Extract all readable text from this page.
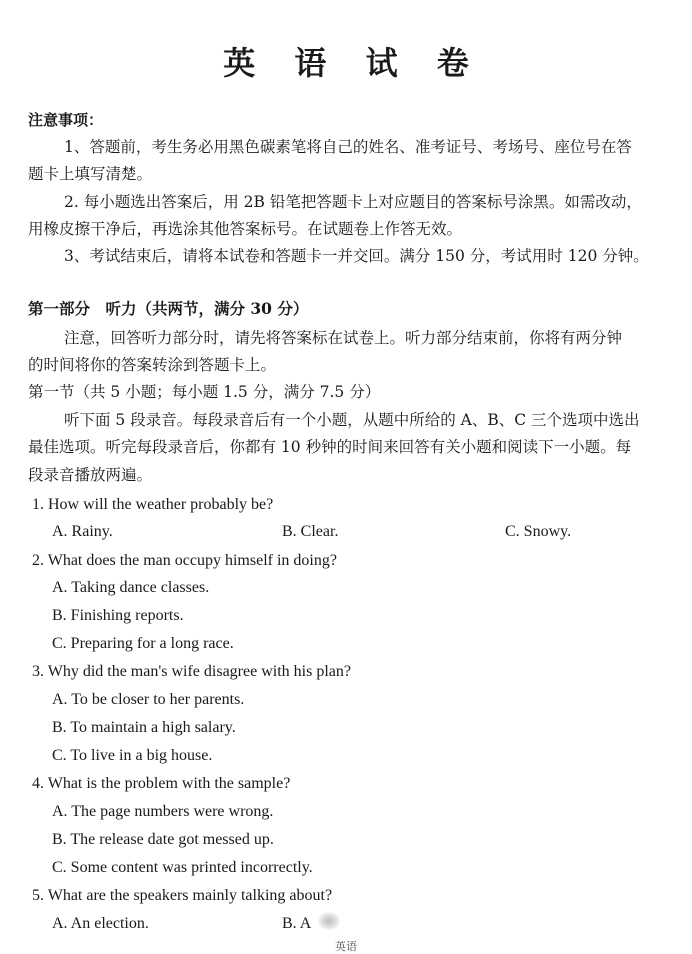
英 语 试 卷
注意事项：
1、答题前，考生务必用黑色碳素笔将自己的姓名、准考证号、考场号、座位号在答
题卡上填写清楚。
2. 每小题选出答案后，用 2B 铅笔把答题卡上对应题目的答案标号涂黑。如需改动，
用橡皮擦干净后，再选涂其他答案标号。在试题卷上作答无效。
3、考试结束后，请将本试卷和答题卡一并交回。满分 150 分，考试用时 120 分钟。
第一部分　听力（共两节，满分 30 分）
注意，回答听力部分时，请先将答案标在试卷上。听力部分结束前，你将有两分钟
的时间将你的答案转涂到答题卡上。
第一节（共 5 小题；每小题 1.5 分，满分 7.5 分）
听下面 5 段录音。每段录音后有一个小题，从题中所给的 A、B、C 三个选项中选出
最佳选项。听完每段录音后，你都有 10 秒钟的时间来回答有关小题和阅读下一小题。每
段录音播放两遍。
1. How will the weather probably be?
A. Rainy.	B. Clear.	C. Snowy.
2. What does the man occupy himself in doing?
A. Taking dance classes.
B. Finishing reports.
C. Preparing for a long race.
3. Why did the man's wife disagree with his plan?
A. To be closer to her parents.
B. To maintain a high salary.
C. To live in a big house.
4. What is the problem with the sample?
A. The page numbers were wrong.
B. The release date got messed up.
C. Some content was printed incorrectly.
5. What are the speakers mainly talking about?
A. An election.	B. A
英语
